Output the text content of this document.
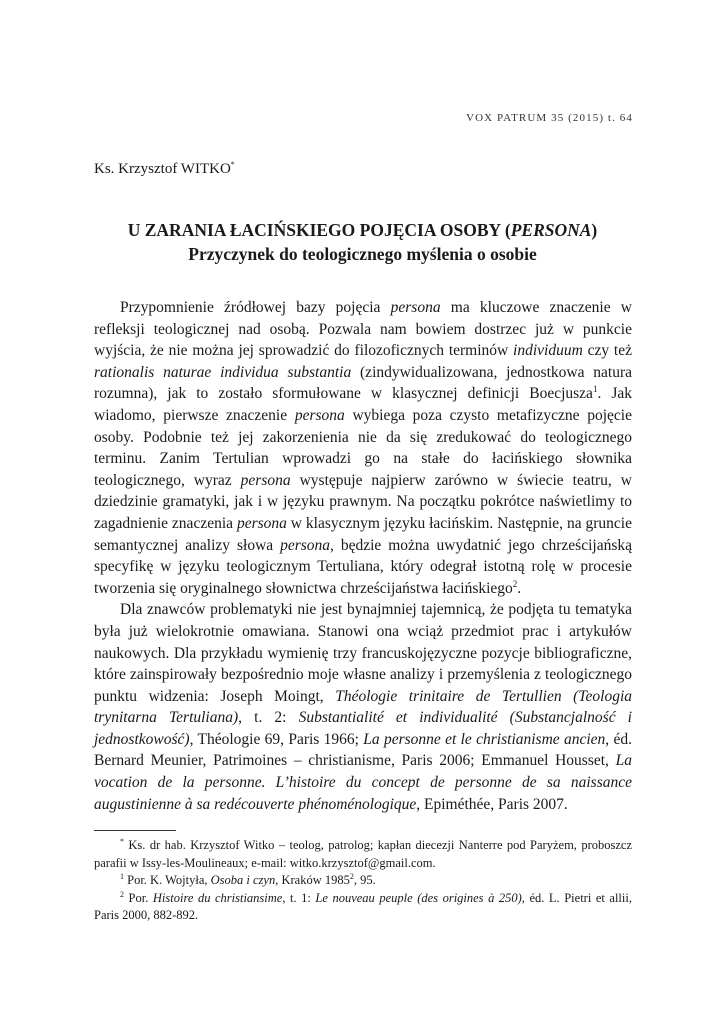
VOX PATRUM 35 (2015) t. 64
Ks. Krzysztof WITKO*
U ZARANIA ŁACIŃSKIEGO POJĘCIA OSOBY (PERSONA)
Przyczynek do teologicznego myślenia o osobie

Przypomnienie źródłowej bazy pojęcia persona ma kluczowe znaczenie w refleksji teologicznej nad osobą. Pozwala nam bowiem dostrzec już w punkcie wyjścia, że nie można jej sprowadzić do filozoficznych terminów individuum czy też rationalis naturae individua substantia (zindywidualizowana, jednostkowa natura rozumna), jak to zostało sformułowane w klasycznej definicji Boecjusza$^1$. Jak wiadomo, pierwsze znaczenie persona wybiega poza czysto metafizyczne pojęcie osoby. Podobnie też jej zakorzenienia nie da się zredukować do teologicznego terminu. Zanim Tertulian wprowadzi go na stałe do łacińskiego słownika teologicznego, wyraz persona występuje najpierw zarówno w świecie teatru, w dziedzinie gramatyki, jak i w języku prawnym. Na początku pokrótce naświetlimy to zagadnienie znaczenia persona w klasycznym języku łacińskim. Następnie, na gruncie semantycznej analizy słowa persona, będzie można uwydatnić jego chrześcijańską specyfikę w języku teologicznym Tertuliana, który odegrał istotną rolę w procesie tworzenia się oryginalnego słownictwa chrześcijaństwa łacińskiego$^2$.

Dla znawców problematyki nie jest bynajmniej tajemnicą, że podjęta tu tematyka była już wielokrotnie omawiana. Stanowi ona wciąż przedmiot prac i artykułów naukowych. Dla przykładu wymienię trzy francuskojęzyczne pozycje bibliograficzne, które zainspirowały bezpośrednio moje własne analizy i przemyślenia z teologicznego punktu widzenia: Joseph Moingt, Théologie trinitaire de Tertullien (Teologia trynitarna Tertuliana), t. 2: Substantialité et individualité (Substancjalność i jednostkowość), Théologie 69, Paris 1966; La personne et le christianisme ancien, éd. Bernard Meunier, Patrimoines – christianisme, Paris 2006; Emmanuel Housset, La vocation de la personne. L’histoire du concept de personne de sa naissance augustinienne à sa redécouverte phénoménologique, Epiméthée, Paris 2007.

* Ks. dr hab. Krzysztof Witko – teolog, patrolog; kapłan diecezji Nanterre pod Paryżem, proboszcz parafii w Issy-les-Moulineaux; e-mail: witko.krzysztof@gmail.com.

$^1$ Por. K. Wojtyła, Osoba i czyn, Kraków 1985$^2$, 95.

$^2$ Por. Histoire du christiansime, t. 1: Le nouveau peuple (des origines à 250), éd. L. Pietri et allii, Paris 2000, 882-892.
